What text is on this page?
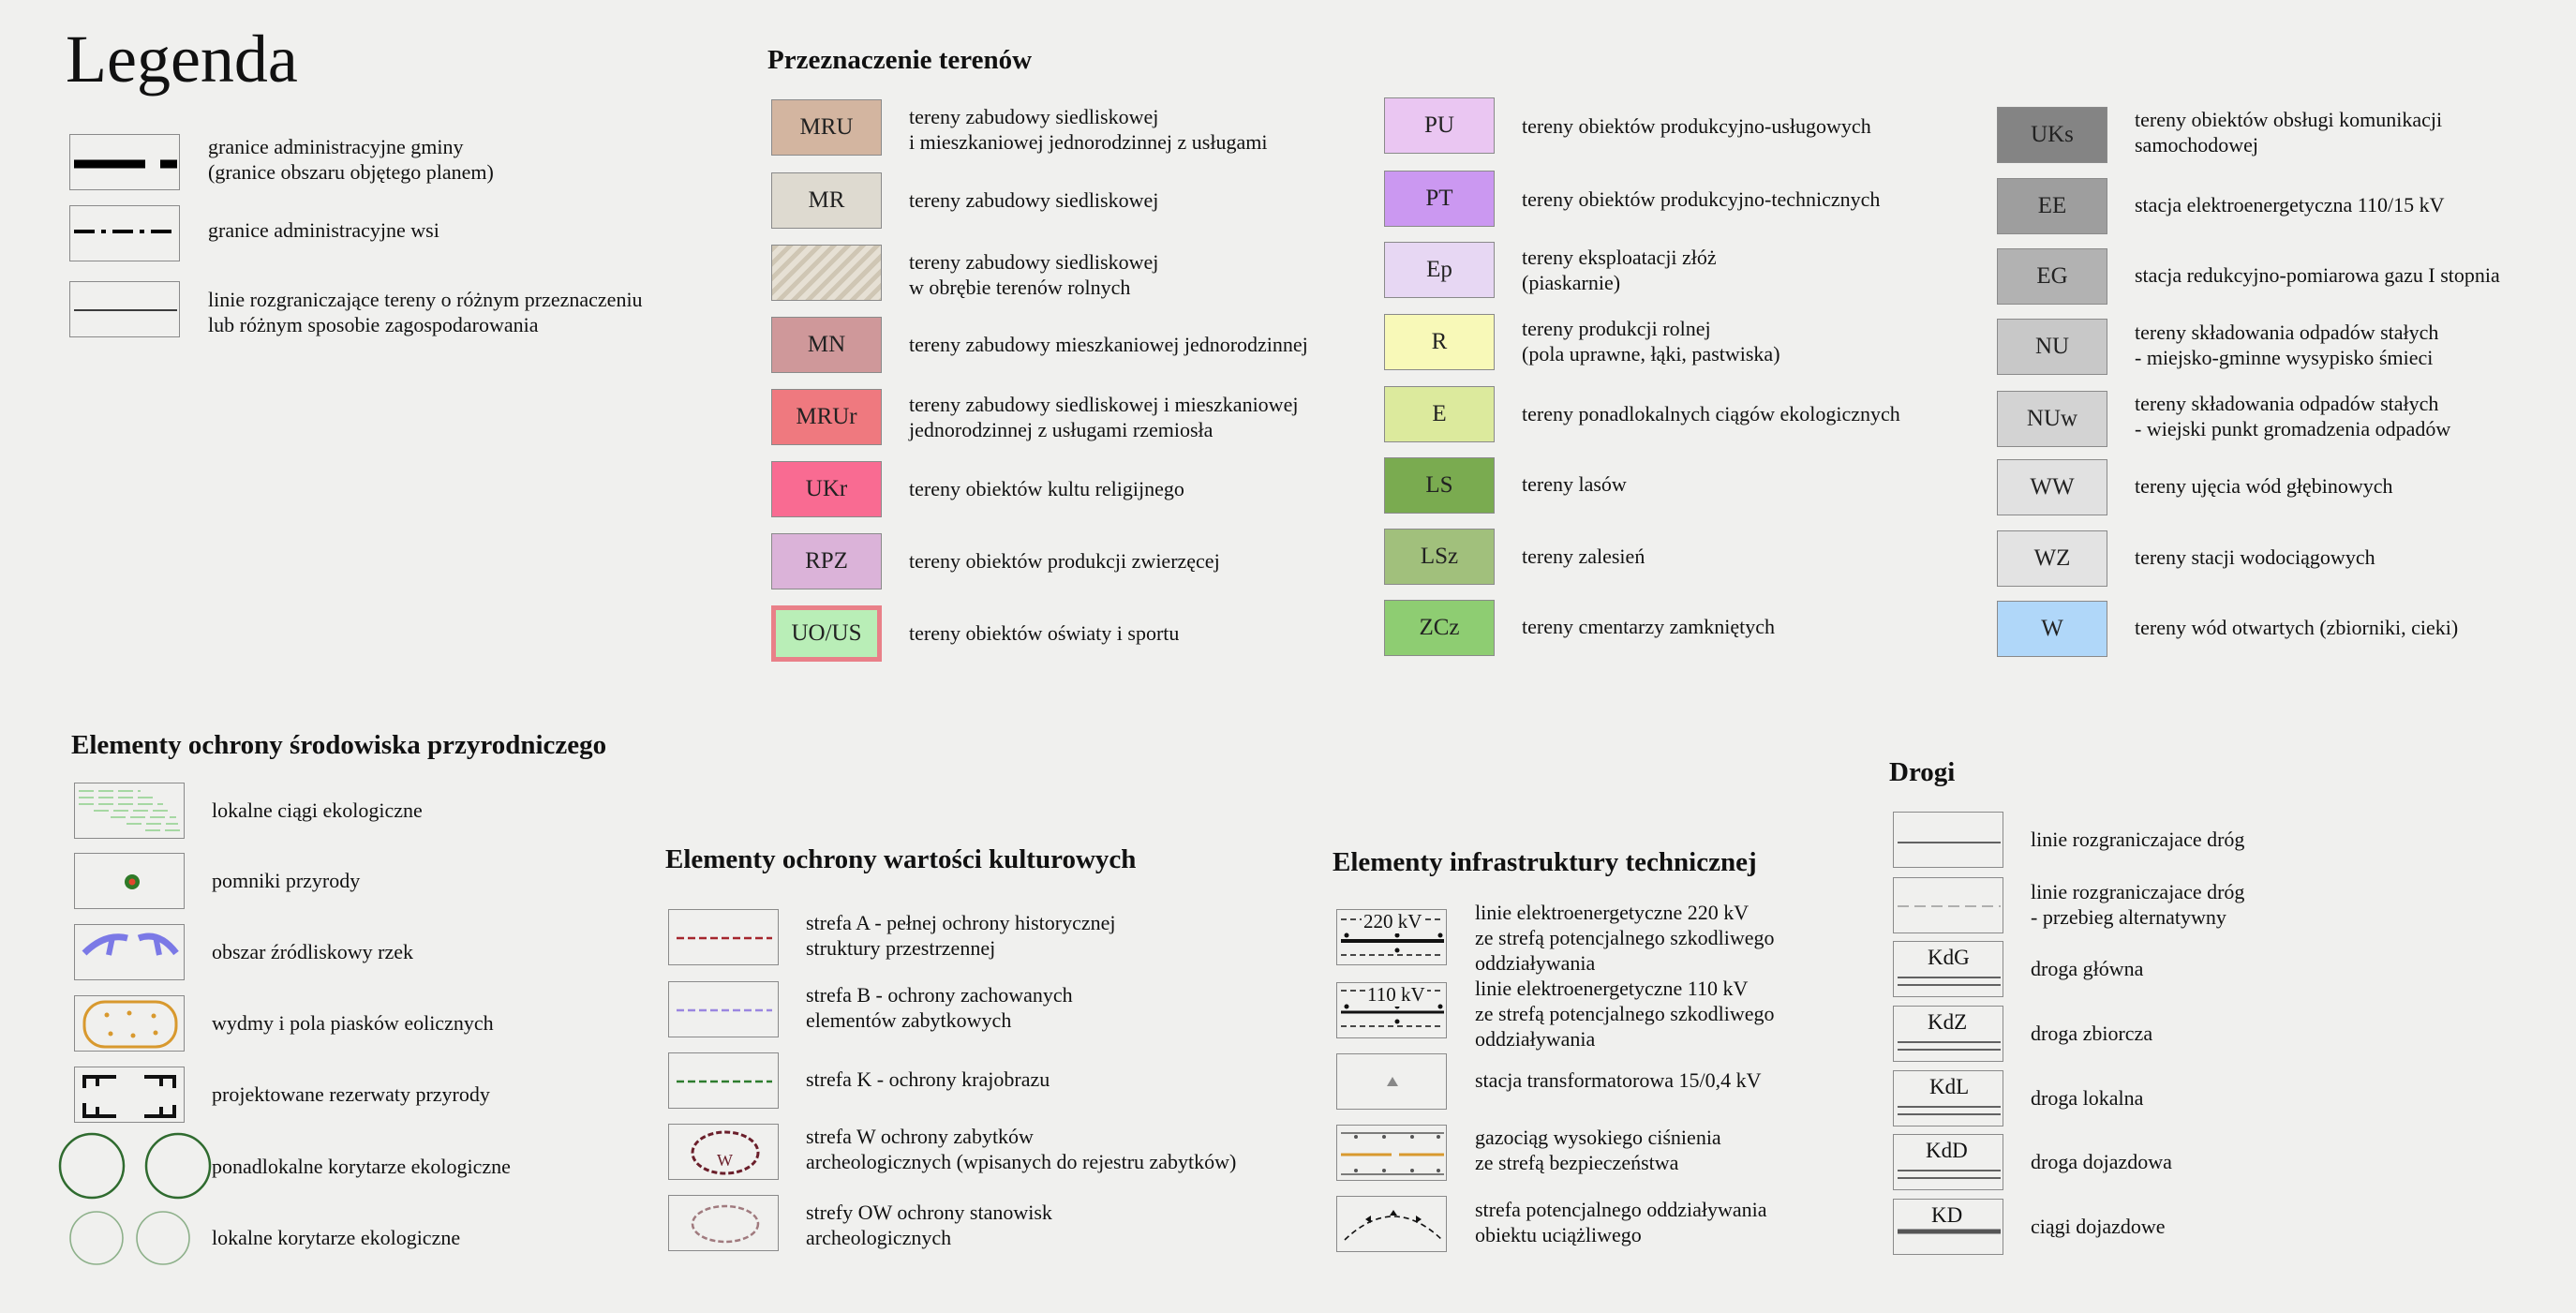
Legenda
granice administracyjne gminy
(granice obszaru objętego planem)
granice administracyjne wsi
linie rozgraniczające tereny o różnym przeznaczeniu
lub różnym sposobie zagospodarowania
Przeznaczenie terenów
MRU	tereny zabudowy siedliskowej
i mieszkaniowej jednorodzinnej z usługami
MR	tereny zabudowy siedliskowej
tereny zabudowy siedliskowej
w obrębie terenów rolnych
MN	tereny zabudowy mieszkaniowej jednorodzinnej
MRUr	tereny zabudowy siedliskowej i mieszkaniowej
jednorodzinnej z usługami rzemiosła
UKr	tereny obiektów kultu religijnego
RPZ	tereny obiektów produkcji zwierzęcej
UO/US	tereny obiektów oświaty i sportu
PU	tereny obiektów produkcyjno-usługowych
PT	tereny obiektów produkcyjno-technicznych
Ep	tereny eksploatacji złóż
(piaskarnie)
R
tereny produkcji rolnej
(pola uprawne, łąki, pastwiska)
E	tereny ponadlokalnych ciągów ekologicznych
LS	tereny lasów
LSz	tereny zalesień
ZCz	tereny cmentarzy zamkniętych
UKs
tereny obiektów obsługi komunikacji
samochodowej
EE	stacja elektroenergetyczna 110/15 kV
EG	stacja redukcyjno-pomiarowa gazu I stopnia
NU
tereny składowania odpadów stałych
- miejsko-gminne wysypisko śmieci
NUw
tereny składowania odpadów stałych
- wiejski punkt gromadzenia odpadów
WW	tereny ujęcia wód głębinowych
WZ	tereny stacji wodociągowych
W	tereny wód otwartych (zbiorniki, cieki)
Elementy ochrony środowiska przyrodniczego
lokalne ciągi ekologiczne
pomniki przyrody
obszar źródliskowy rzek
wydmy i pola piasków eolicznych
projektowane rezerwaty przyrody
ponadlokalne korytarze ekologiczne
lokalne korytarze ekologiczne
Elementy ochrony wartości kulturowych
strefa A - pełnej ochrony historycznej
struktury przestrzennej
strefa B - ochrony zachowanych
elementów zabytkowych
strefa K - ochrony krajobrazu
W
strefa W ochrony zabytków
archeologicznych (wpisanych do rejestru zabytków)
strefy OW ochrony stanowisk
archeologicznych
Elementy infrastruktury technicznej
220 kV	linie elektroenergetyczne 220 kV
ze strefą potencjalnego szkodliwego
oddziaływania
110 kV linie elektroenergetyczne 110 kV
ze strefą potencjalnego szkodliwego
oddziaływania
stacja transformatorowa 15/0,4 kV
gazociąg wysokiego ciśnienia
ze strefą bezpieczeństwa
strefa potencjalnego oddziaływania
obiektu uciążliwego
Drogi
linie rozgraniczajace dróg
linie rozgraniczajace dróg
- przebieg alternatywny
KdG	droga główna
KdZ	droga zbiorcza
KdL	droga lokalna
KdD	droga dojazdowa
KD	ciągi dojazdowe
